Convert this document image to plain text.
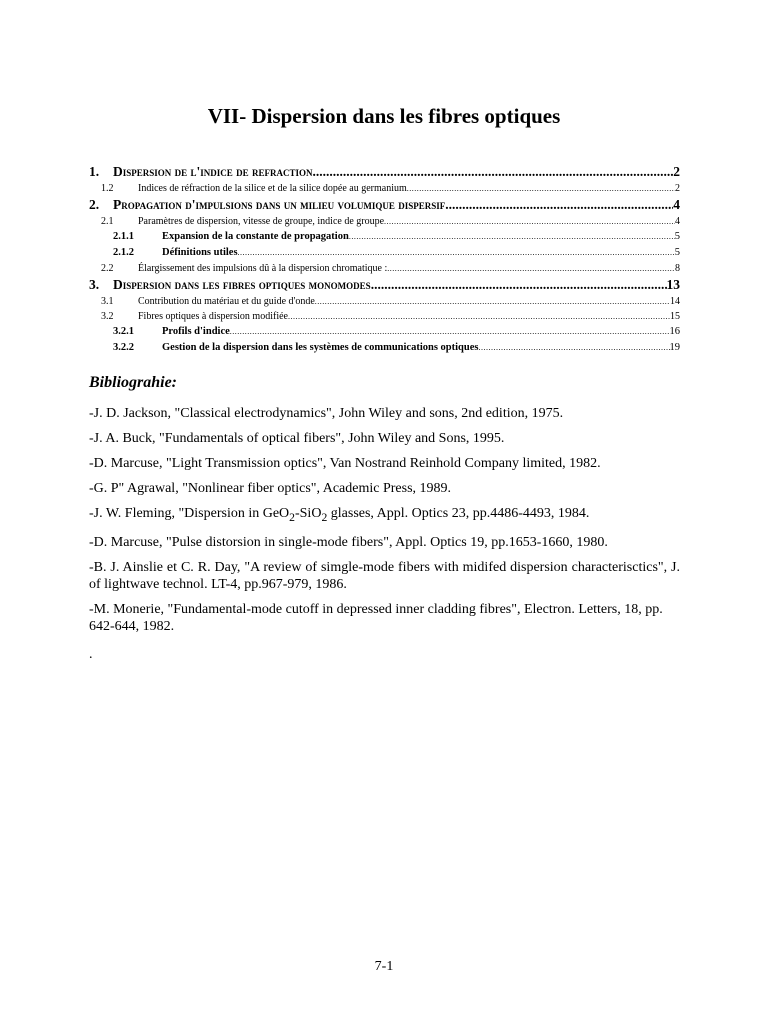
VII- Dispersion dans les fibres optiques
1.	Dispersion de l'indice de refraction .....	2
1.2	Indices de réfraction de la silice et de la silice dopée au germanium .....	2
2.	Propagation d'impulsions dans un milieu volumique dispersif .....	4
2.1	Paramètres de dispersion, vitesse de groupe, indice de groupe .....	4
2.1.1	Expansion de la constante de propagation .....	5
2.1.2	Définitions utiles .....	5
2.2	Élargissement des impulsions dû à la dispersion chromatique : .....	8
3.	Dispersion dans les fibres optiques monomodes .....	13
3.1	Contribution du matériau et du guide d'onde .....	14
3.2	Fibres optiques à dispersion modifiée .....	15
3.2.1	Profils d'indice .....	16
3.2.2	Gestion de la dispersion dans les systèmes de communications optiques .....	19
Bibliograhie:
-J. D. Jackson, "Classical electrodynamics", John Wiley and sons, 2nd edition, 1975.
-J. A. Buck, "Fundamentals of optical fibers", John Wiley and Sons, 1995.
-D. Marcuse, "Light Transmission optics", Van Nostrand Reinhold Company limited, 1982.
-G. P" Agrawal, "Nonlinear fiber optics", Academic Press, 1989.
-J. W. Fleming, "Dispersion in GeO$_2$-SiO$_2$ glasses, Appl. Optics 23, pp.4486-4493, 1984.
-D. Marcuse, "Pulse distorsion in single-mode fibers", Appl. Optics 19, pp.1653-1660, 1980.
-B. J. Ainslie et C. R. Day, "A review of simgle-mode fibers with midifed dispersion characterisctics", J. of lightwave technol. LT-4, pp.967-979, 1986.
-M. Monerie, "Fundamental-mode cutoff in depressed inner cladding fibres", Electron. Letters, 18, pp. 642-644, 1982.
.
7-1
